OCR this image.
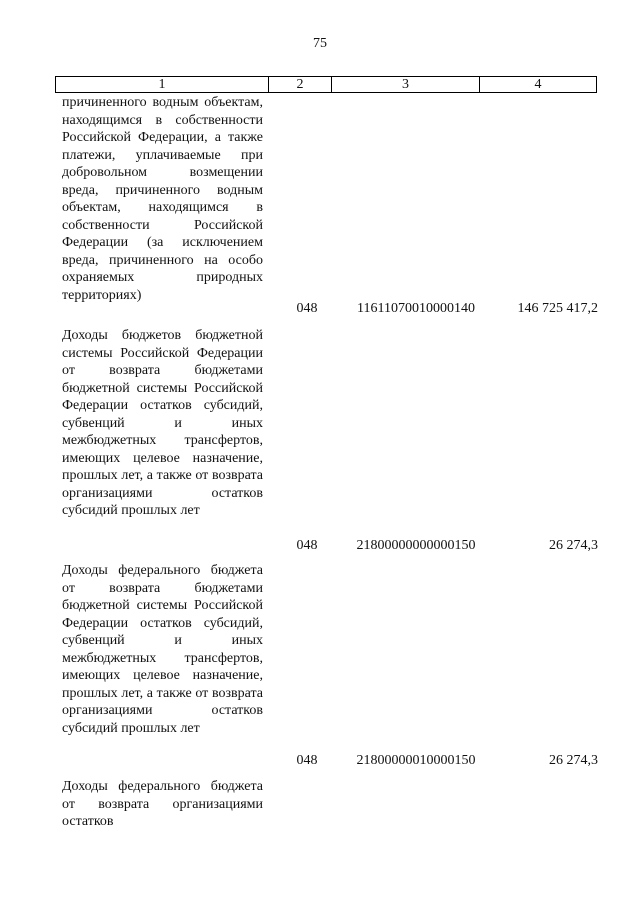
75
1	2	3	4
причиненного водным объектам, находящимся в собственности Российской Федерации, а также платежи, уплачиваемые при добровольном возмещении вреда, причиненного водным объектам, находящимся в собственности Российской Федерации (за исключением вреда, причиненного на особо охраняемых природных территориях)
048	11611070010000140	146 725 417,2
Доходы бюджетов бюджетной системы Российской Федерации от возврата бюджетами бюджетной системы Российской Федерации остатков субсидий, субвенций и иных межбюджетных трансфертов, имеющих целевое назначение, прошлых лет, а также от возврата организациями остатков субсидий прошлых лет
048	21800000000000150	26 274,3
Доходы федерального бюджета от возврата бюджетами бюджетной системы Российской Федерации остатков субсидий, субвенций и иных межбюджетных трансфертов, имеющих целевое назначение, прошлых лет, а также от возврата организациями остатков субсидий прошлых лет
048	21800000010000150	26 274,3
Доходы федерального бюджета от возврата организациями остатков
